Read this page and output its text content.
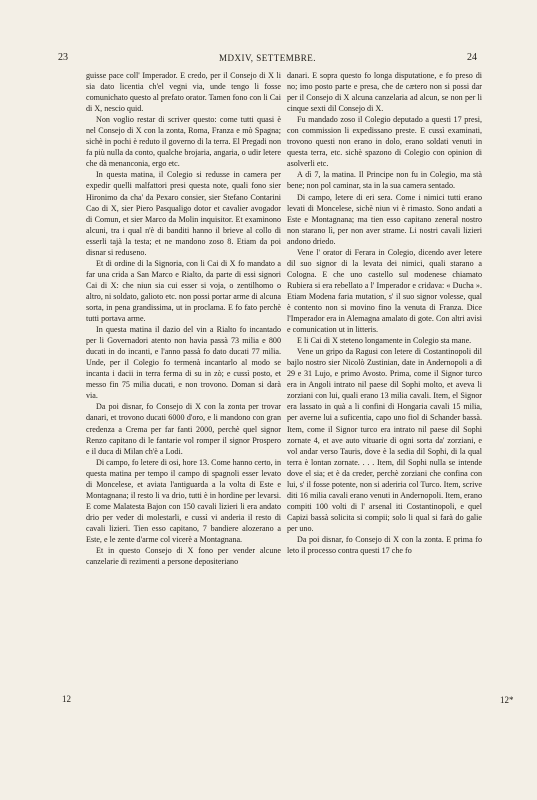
23	MDXIV, SETTEMBRE.	24

guisse pace coll' Imperador. E credo, per il Consejo di X li sia dato licentia ch'el vegni via, unde tengo li fosse comunichato questo al prefato orator. Tamen fono con li Cai di X, nescio quid.

Non voglio restar di scriver questo: come tutti quasi è nel Consejo di X con la zonta, Roma, Franza e mò Spagna; sichè in pochi è reduto il governo di la terra. El Pregadi non fa più nulla da conto, qualche brojaria, angaria, o udir letere che dà menanconia, ergo etc.

In questa matina, il Colegio si redusse in camera per expedir quelli malfattori presi questa note, quali fono sier Hironimo da cha' da Pexaro consier, sier Stefano Contarini Cao di X, sier Piero Pasqualigo dotor et cavalier avogador di Comun, et sier Marco da Molin inquisitor. Et examinono alcuni, tra i qual n'è di banditi hanno il brieve al collo di esserli tajà la testa; et ne mandono zoso 8. Etiam da poi disnar si reduseno.

Et di ordine di la Signoria, con li Cai di X fo mandato a far una crida a San Marco e Rialto, da parte di essi signori Cai di X: che niun sia cui esser si voja, o zentilhomo o altro, ni soldato, galioto etc. non possi portar arme di alcuna sorta, in pena grandissima, ut in proclama. E fo fato perchè tutti portava arme.

In questa matina il dazio del vin a Rialto fo incantado per li Governadori atento non havia passà 73 milia e 800 ducati in do incanti, e l'anno passà fo dato ducati 77 milia. Unde, per il Colegio fo termenà incantarlo al modo se incanta i dacii in terra ferma di su in zò; e cussì posto, et messo fin 75 milia ducati, e non trovono. Doman si darà via.

Da poi disnar, fo Consejo di X con la zonta per trovar danari, et trovono ducati 6000 d'oro, e li mandono con gran credenza a Crema per far fanti 2000, perchè quel signor Renzo capitano di le fantarie vol romper il signor Prospero e il duca di Milan ch'è a Lodi.

Di campo, fo letere di osi, hore 13. Come hanno certo, in questa matina per tempo il campo di spagnoli esser levato di Moncelese, et aviata l'antiguarda a la volta di Este e Montagnana; il resto li va drio, tutti è in hordine per levarsi. E come Malatesta Bajon con 150 cavali lizieri li era andato drio per veder di molestarli, e cussì vi anderia il resto di cavali lizieri. Tien esso capitano, 7 bandiere alozerano a Este, e le zente d'arme col vicerè a Montagnana.

Et in questo Consejo di X fono per vender alcune canzelarie di rezimenti a persone depositeriano

danari. E sopra questo fo longa disputatione, e fo preso di no; imo posto parte e presa, che de cætero non si possi dar per il Consejo di X alcuna canzelaria ad alcun, se non per li cinque sexti dil Consejo di X.

Fu mandado zoso il Colegio deputado a questi 17 presi, con commission li expedissano preste. E cussì examinati, trovono questi non erano in dolo, erano soldati venuti in questa terra, etc. sichè spazono di Colegio con opinion di asolverli etc.

A dì 7, la matina. Il Principe non fu in Colegio, ma stà bene; non pol caminar, sta in la sua camera sentado.

Di campo, letere di eri sera. Come i nimici tutti erano levati di Moncelese, sichè niun vi è rimasto. Sono andati a Este e Montagnana; ma tien esso capitano zeneral nostro non starano lì, per non aver strame. Li nostri cavali lizieri andono driedo.

Vene l' orator di Ferara in Colegio, dicendo aver letere dil suo signor di la levata dei nimici, quali starano a Cologna. E che uno castello sul modenese chiamato Rubiera si era rebellato a l' Imperador e cridava: « Ducha ». Etiam Modena faria mutation, s' il suo signor volesse, qual è contento non si movino fino la venuta di Franza. Dice l'Imperador era in Alemagna amalato di gote. Con altri avisi e comunication ut in litteris.

E li Cai di X steteno longamente in Colegio sta mane.

Vene un gripo da Ragusi con letere di Costantinopoli dil bajlo nostro sier Nicolò Zustinian, date in Andernopoli a dì 29 e 31 Lujo, e primo Avosto. Prima, come il Signor turco era in Angoli intrato nil paese dil Sophi molto, et aveva li zorziani con lui, quali erano 13 milia cavali. Item, el Signor era lassato in quà a li confini di Hongaria cavali 15 milia, per averne lui a suficentia, capo uno fiol di Schander bassà. Item, come il Signor turco era intrato nil paese dil Sophi zornate 4, et ave auto vituarie di ogni sorta da' zorziani, e vol andar verso Tauris, dove è la sedia dil Sophi, di la qual terra è lontan zornate. . . . Item, dil Sophi nulla se intende dove el sia; et è da creder, perchè zorziani che confina con lui, s' il fosse potente, non si aderiria col Turco. Item, scrive diti 16 milia cavali erano venuti in Andernopoli. Item, erano compiti 100 volti di l' arsenal iti Costantinopoli, e quel Capizi bassà solicita si compii; solo li qual si farà do galie per uno.

Da poi disnar, fo Consejo di X con la zonta. E prima fo leto il processo contra questi 17 che fo

12	12*
